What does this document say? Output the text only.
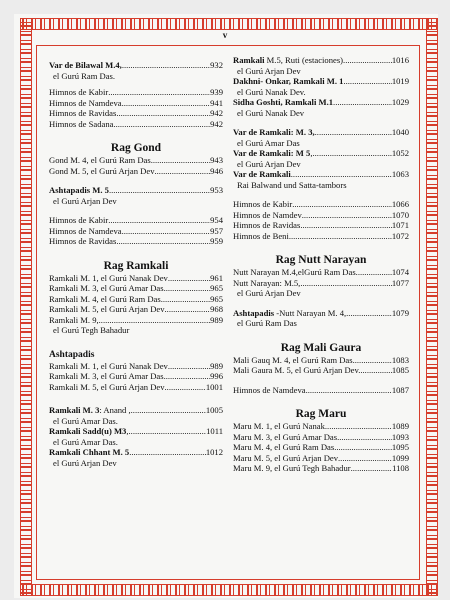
v
Var de Bilawal M.4, .....	932
el Gurú Ram Das.
Himnos de Kabir .....	939
Himnos de Namdeva .....	941
Himnos de Ravidas .....	942
Himnos de Sadana .....	942
Rag Gond
Gond M. 4, el Gurú Ram Das .....	943
Gond M. 5, el Gurú Arjan Dev .....	946
Ashtapadis M. 5 .....	953
el Gurú Arjan Dev
Himnos de Kabir .....	954
Himnos de Namdeva .....	957
Himnos de Ravidas .....	959
Rag Ramkali
Ramkali M. 1, el Gurú Nanak Dev .....	961
Ramkali M. 3, el Gurú Amar Das .....	965
Ramkali M. 4, el Gurú Ram Das .....	965
Ramkali M. 5, el Gurú Arjan Dev .....	968
Ramkali M. 9, .....	989
el Gurú Tegh Bahadur
Ashtapadis
Ramkali M. 1, el Gurú Nanak Dev .....	989
Ramkali M. 3, el Gurú Amar Das .....	996
Ramkali M. 5, el Gurú Arjan Dev .....	1001
Ramkali M. 3: Anand , .....	1005
el Gurú Amar Das.
Ramkali Sadd(u) M3, .....	1011
el Gurú Amar Das.
Ramkali Chhant M. 5. .....	1012
el Gurú Arjan Dev
Ramkali M.5, Ruti (estaciones) .....	1016
el Gurú Arjan Dev
Dakhni- Onkar, Ramkali M. 1 .....	1019
el Gurú Nanak Dev.
Sidha Goshti, Ramkali M.1 .....	1029
el Gurú Nanak Dev
Var de Ramkali: M. 3, .....	1040
el Gurú Amar Das
Var de Ramkali: M 5, .....	1052
el Gurú Arjan Dev
Var de Ramkali .....	1063
Rai Balwand und Satta-tambors
Himnos de Kabir .....	1066
Himnos de Namdev .....	1070
Himnos de Ravidas .....	1071
Himnos de Beni .....	1072
Rag Nutt Narayan
Nutt Narayan M.4,elGurú Ram Das .....	1074
Nutt Narayan: M.5, .....	1077
el Gurú Arjan Dev
Ashtapadis -Nutt Narayan M. 4, .....	1079
el Gurú Ram Das
Rag Mali Gaura
Mali Gauq M. 4, el Gurú Ram Das .....	1083
Mali Gaura M. 5, el Gurú Arjan Dev. .....	1085
Himnos de Namdeva .....	1087
Rag Maru
Maru M. 1, el Gurú Nanak .....	1089
Maru M. 3, el Gurú Amar Das .....	1093
Maru M. 4, el Gurú Ram Das .....	1095
Maru M. 5, el Gurú Arjan Dev .....	1099
Maru M. 9, el Gurú Tegh Bahadur .....	1108
